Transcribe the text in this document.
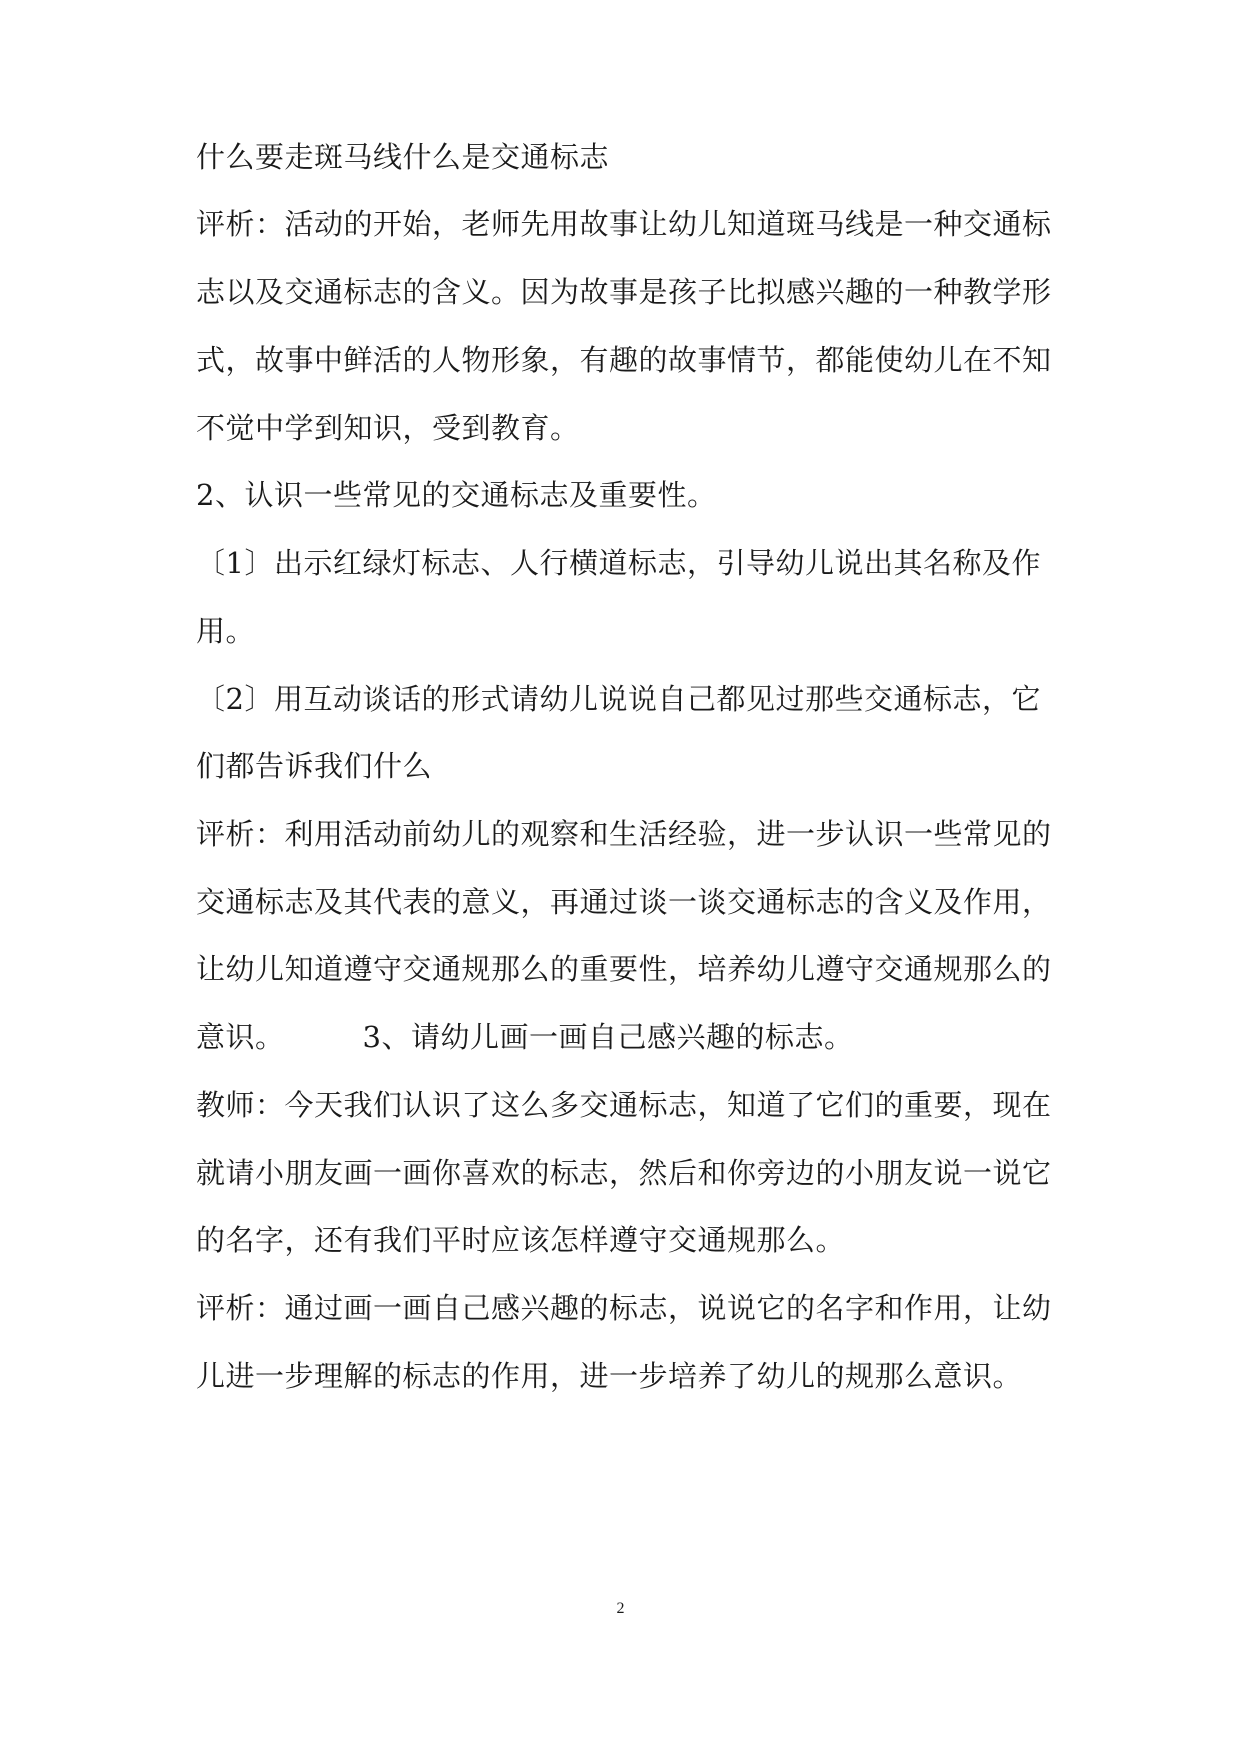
什么要走斑马线什么是交通标志
评析：活动的开始，老师先用故事让幼儿知道斑马线是一种交通标
志以及交通标志的含义。因为故事是孩子比拟感兴趣的一种教学形
式，故事中鲜活的人物形象，有趣的故事情节，都能使幼儿在不知
不觉中学到知识，受到教育。
2、认识一些常见的交通标志及重要性。
〔1〕出示红绿灯标志、人行横道标志，引导幼儿说出其名称及作
用。
〔2〕用互动谈话的形式请幼儿说说自己都见过那些交通标志，它
们都告诉我们什么
评析：利用活动前幼儿的观察和生活经验，进一步认识一些常见的
交通标志及其代表的意义，再通过谈一谈交通标志的含义及作用，
让幼儿知道遵守交通规那么的重要性，培养幼儿遵守交通规那么的
意识。	3、请幼儿画一画自己感兴趣的标志。
教师：今天我们认识了这么多交通标志，知道了它们的重要，现在
就请小朋友画一画你喜欢的标志，然后和你旁边的小朋友说一说它
的名字，还有我们平时应该怎样遵守交通规那么。
评析：通过画一画自己感兴趣的标志，说说它的名字和作用，让幼
儿进一步理解的标志的作用，进一步培养了幼儿的规那么意识。
2
